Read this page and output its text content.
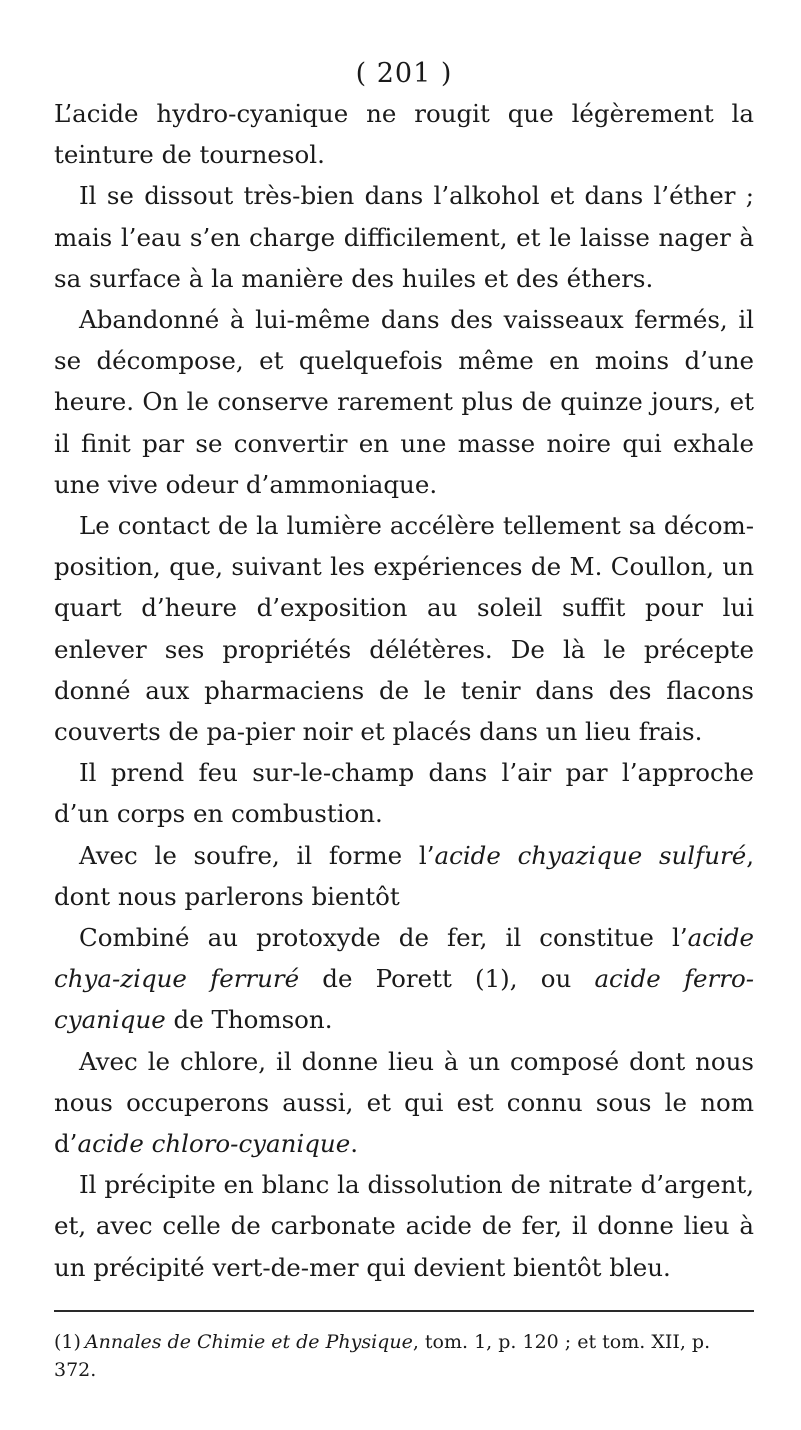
( 201 )

L’acide hydro-cyanique ne rougit que légèrement la teinture de tournesol.

Il se dissout très-bien dans l’alkohol et dans l’éther ; mais l’eau s’en charge difficilement, et le laisse nager à sa surface à la manière des huiles et des éthers.

Abandonné à lui-même dans des vaisseaux fermés, il se décompose, et quelquefois même en moins d’une heure. On le conserve rarement plus de quinze jours, et il finit par se convertir en une masse noire qui exhale une vive odeur d’ammoniaque.

Le contact de la lumière accélère tellement sa décom-position, que, suivant les expériences de M. Coullon, un quart d’heure d’exposition au soleil suffit pour lui enlever ses propriétés délétères. De là le précepte donné aux pharmaciens de le tenir dans des flacons couverts de pa-pier noir et placés dans un lieu frais.

Il prend feu sur-le-champ dans l’air par l’approche d’un corps en combustion.

Avec le soufre, il forme l’acide chyazique sulfuré, dont nous parlerons bientôt

Combiné au protoxyde de fer, il constitue l’acide chya-zique ferruré de Porett (1), ou acide ferro-cyanique de Thomson.

Avec le chlore, il donne lieu à un composé dont nous nous occuperons aussi, et qui est connu sous le nom d’acide chloro-cyanique.

Il précipite en blanc la dissolution de nitrate d’argent, et, avec celle de carbonate acide de fer, il donne lieu à un précipité vert-de-mer qui devient bientôt bleu.

(1) Annales de Chimie et de Physique, tom. 1, p. 120 ; et tom. XII, p. 372.
